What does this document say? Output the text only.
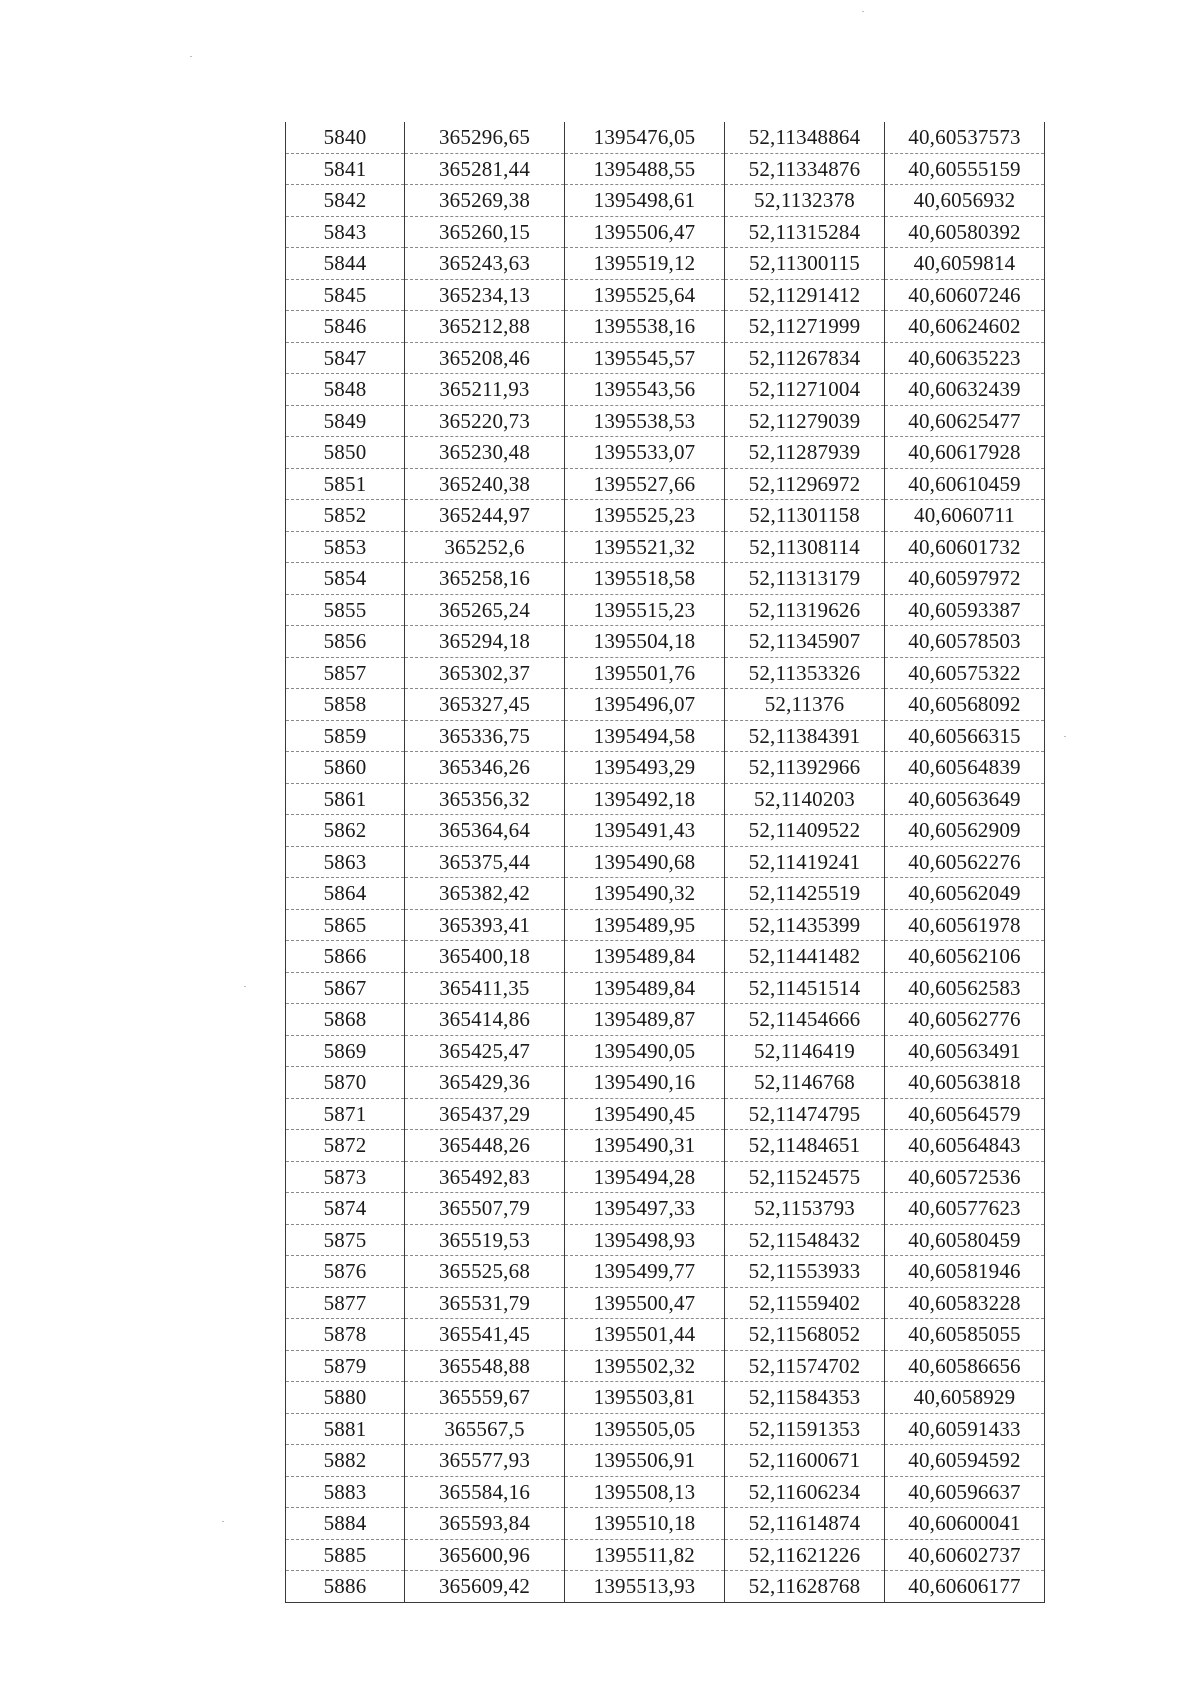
5840	365296,65	1395476,05	52,11348864	40,60537573
5841	365281,44	1395488,55	52,11334876	40,60555159
5842	365269,38	1395498,61	52,1132378	40,6056932
5843	365260,15	1395506,47	52,11315284	40,60580392
5844	365243,63	1395519,12	52,11300115	40,6059814
5845	365234,13	1395525,64	52,11291412	40,60607246
5846	365212,88	1395538,16	52,11271999	40,60624602
5847	365208,46	1395545,57	52,11267834	40,60635223
5848	365211,93	1395543,56	52,11271004	40,60632439
5849	365220,73	1395538,53	52,11279039	40,60625477
5850	365230,48	1395533,07	52,11287939	40,60617928
5851	365240,38	1395527,66	52,11296972	40,60610459
5852	365244,97	1395525,23	52,11301158	40,6060711
5853	365252,6	1395521,32	52,11308114	40,60601732
5854	365258,16	1395518,58	52,11313179	40,60597972
5855	365265,24	1395515,23	52,11319626	40,60593387
5856	365294,18	1395504,18	52,11345907	40,60578503
5857	365302,37	1395501,76	52,11353326	40,60575322
5858	365327,45	1395496,07	52,11376	40,60568092
5859	365336,75	1395494,58	52,11384391	40,60566315
5860	365346,26	1395493,29	52,11392966	40,60564839
5861	365356,32	1395492,18	52,1140203	40,60563649
5862	365364,64	1395491,43	52,11409522	40,60562909
5863	365375,44	1395490,68	52,11419241	40,60562276
5864	365382,42	1395490,32	52,11425519	40,60562049
5865	365393,41	1395489,95	52,11435399	40,60561978
5866	365400,18	1395489,84	52,11441482	40,60562106
5867	365411,35	1395489,84	52,11451514	40,60562583
5868	365414,86	1395489,87	52,11454666	40,60562776
5869	365425,47	1395490,05	52,1146419	40,60563491
5870	365429,36	1395490,16	52,1146768	40,60563818
5871	365437,29	1395490,45	52,11474795	40,60564579
5872	365448,26	1395490,31	52,11484651	40,60564843
5873	365492,83	1395494,28	52,11524575	40,60572536
5874	365507,79	1395497,33	52,1153793	40,60577623
5875	365519,53	1395498,93	52,11548432	40,60580459
5876	365525,68	1395499,77	52,11553933	40,60581946
5877	365531,79	1395500,47	52,11559402	40,60583228
5878	365541,45	1395501,44	52,11568052	40,60585055
5879	365548,88	1395502,32	52,11574702	40,60586656
5880	365559,67	1395503,81	52,11584353	40,6058929
5881	365567,5	1395505,05	52,11591353	40,60591433
5882	365577,93	1395506,91	52,11600671	40,60594592
5883	365584,16	1395508,13	52,11606234	40,60596637
5884	365593,84	1395510,18	52,11614874	40,60600041
5885	365600,96	1395511,82	52,11621226	40,60602737
5886	365609,42	1395513,93	52,11628768	40,60606177
